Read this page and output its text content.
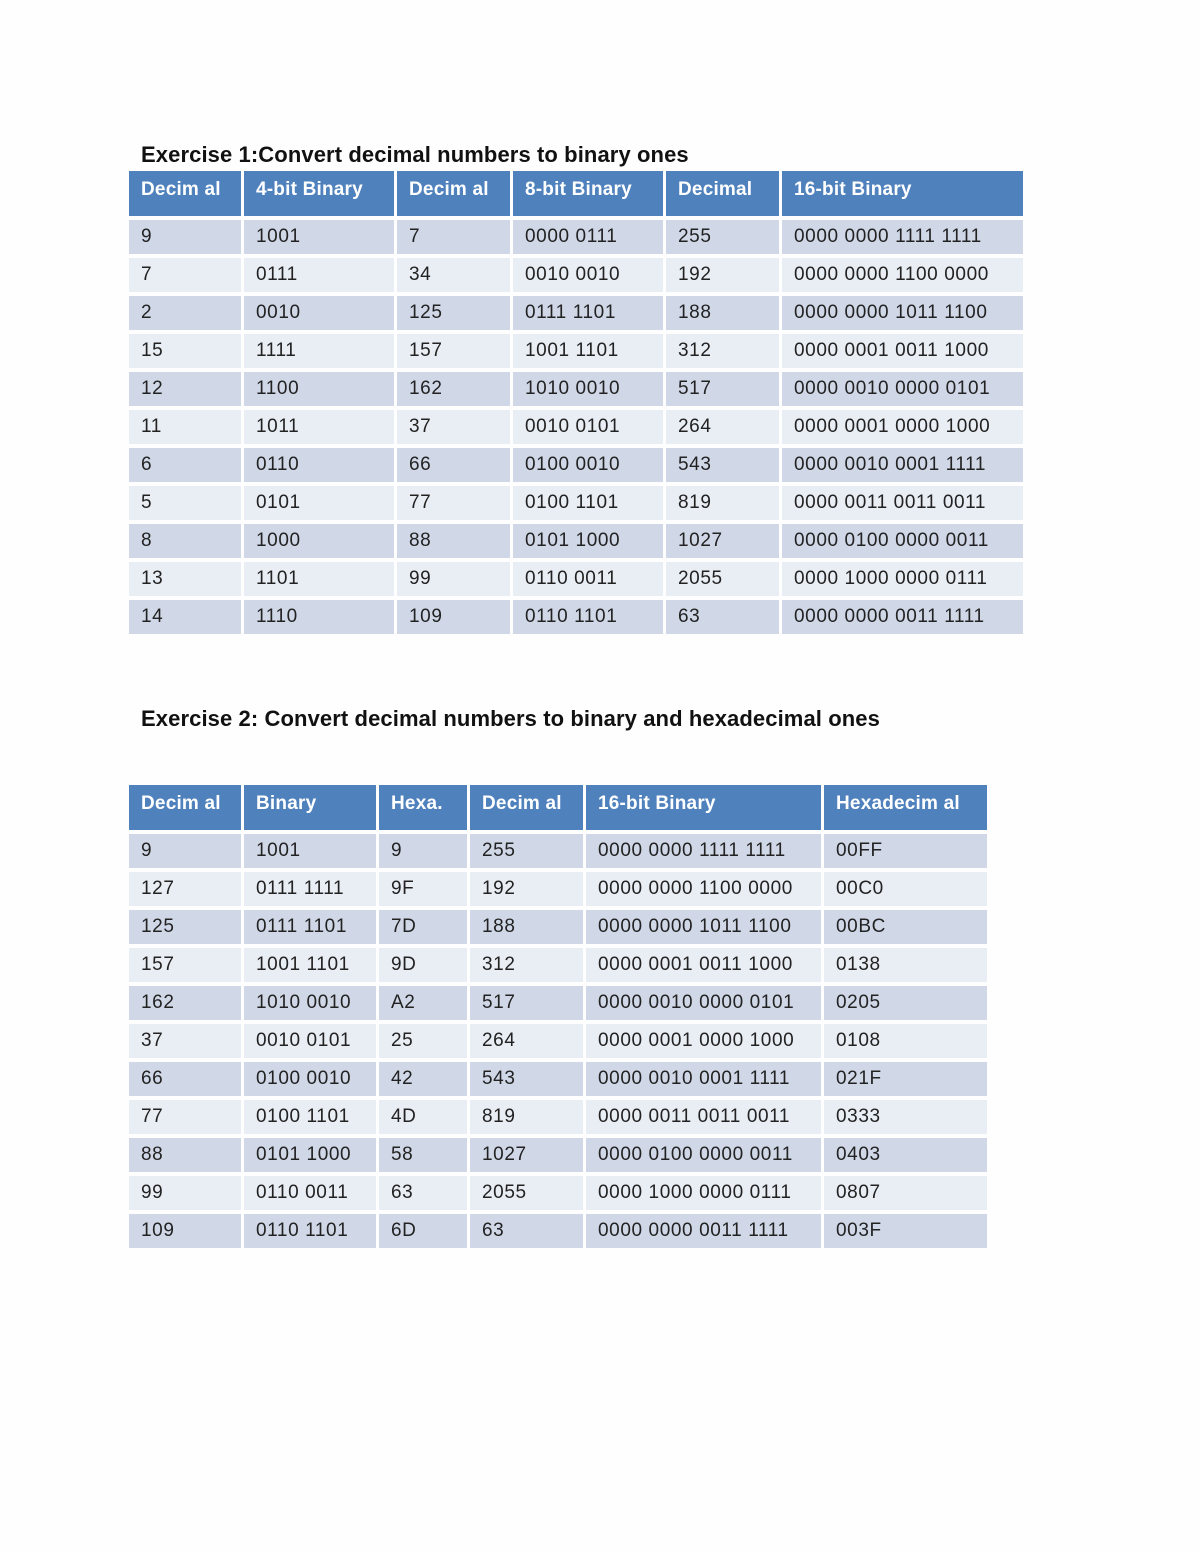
Exercise 1:Convert decimal numbers to binary ones
Decim al	4-bit Binary	Decim al	8-bit Binary	Decimal	16-bit Binary
9	1001	7	0000 0111	255	0000 0000 1111 1111
7	0111	34	0010 0010	192	0000 0000 1100 0000
2	0010	125	0111 1101	188	0000 0000 1011 1100
15	1111	157	1001 1101	312	0000 0001 0011 1000
12	1100	162	1010 0010	517	0000 0010 0000 0101
11	1011	37	0010 0101	264	0000 0001 0000 1000
6	0110	66	0100 0010	543	0000 0010 0001 1111
5	0101	77	0100 1101	819	0000 0011 0011 0011
8	1000	88	0101 1000	1027	0000 0100 0000 0011
13	1101	99	0110 0011	2055	0000 1000 0000 0111
14	1110	109	0110 1101	63	0000 0000 0011 1111
Exercise 2: Convert decimal numbers to binary and hexadecimal ones
Decim al	Binary	Hexa.	Decim al	16-bit Binary	Hexadecim al
9	1001	9	255	0000 0000 1111 1111	00FF
127	0111 1111	9F	192	0000 0000 1100 0000	00C0
125	0111 1101	7D	188	0000 0000 1011 1100	00BC
157	1001 1101	9D	312	0000 0001 0011 1000	0138
162	1010 0010	A2	517	0000 0010 0000 0101	0205
37	0010 0101	25	264	0000 0001 0000 1000	0108
66	0100 0010	42	543	0000 0010 0001 1111	021F
77	0100 1101	4D	819	0000 0011 0011 0011	0333
88	0101 1000	58	1027	0000 0100 0000 0011	0403
99	0110 0011	63	2055	0000 1000 0000 0111	0807
109	0110 1101	6D	63	0000 0000 0011 1111	003F
